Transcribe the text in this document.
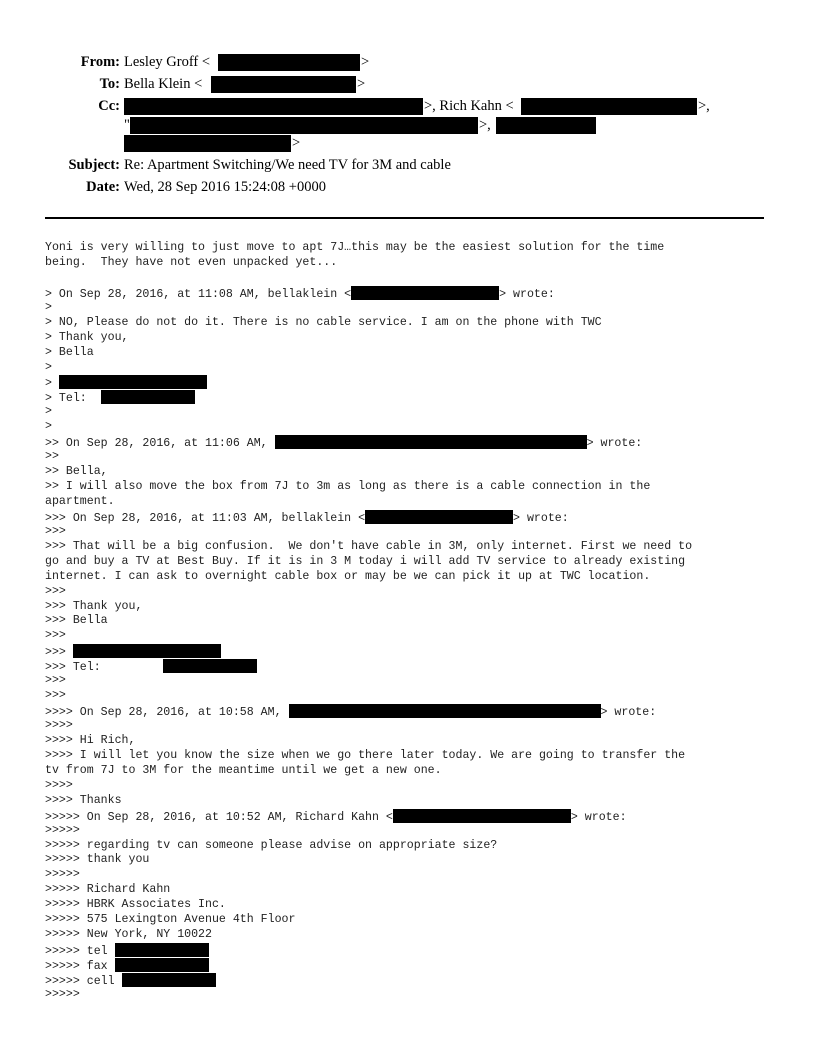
From: Lesley Groff <	>
To: Bella Klein <	>
Cc:	>, Rich Kahn <	>,
"	>,
>
Subject: Re: Apartment Switching/We need TV for 3M and cable
Date: Wed, 28 Sep 2016 15:24:08 +0000
Yoni is very willing to just move to apt 7J…this may be the easiest solution for the time
being.  They have not even unpacked yet...
> On Sep 28, 2016, at 11:08 AM, bellaklein <	> wrote:
>
> NO, Please do not do it. There is no cable service. I am on the phone with TWC
> Thank you,
> Bella
>
>
> Tel:
>
>
>> On Sep 28, 2016, at 11:06 AM,	> wrote:
>>
>> Bella,
>> I will also move the box from 7J to 3m as long as there is a cable connection in the
apartment.
>>> On Sep 28, 2016, at 11:03 AM, bellaklein <	> wrote:
>>>
>>> That will be a big confusion.  We don't have cable in 3M, only internet. First we need to
go and buy a TV at Best Buy. If it is in 3 M today i will add TV service to already existing
internet. I can ask to overnight cable box or may be we can pick it up at TWC location.
>>>
>>> Thank you,
>>> Bella
>>>
>>>
>>> Tel:
>>>
>>>
>>>> On Sep 28, 2016, at 10:58 AM,	> wrote:
>>>>
>>>> Hi Rich,
>>>> I will let you know the size when we go there later today. We are going to transfer the
tv from 7J to 3M for the meantime until we get a new one.
>>>>
>>>> Thanks
>>>>> On Sep 28, 2016, at 10:52 AM, Richard Kahn <	> wrote:
>>>>>
>>>>> regarding tv can someone please advise on appropriate size?
>>>>> thank you
>>>>>
>>>>> Richard Kahn
>>>>> HBRK Associates Inc.
>>>>> 575 Lexington Avenue 4th Floor
>>>>> New York, NY 10022
>>>>> tel
>>>>> fax
>>>>> cell
>>>>>
